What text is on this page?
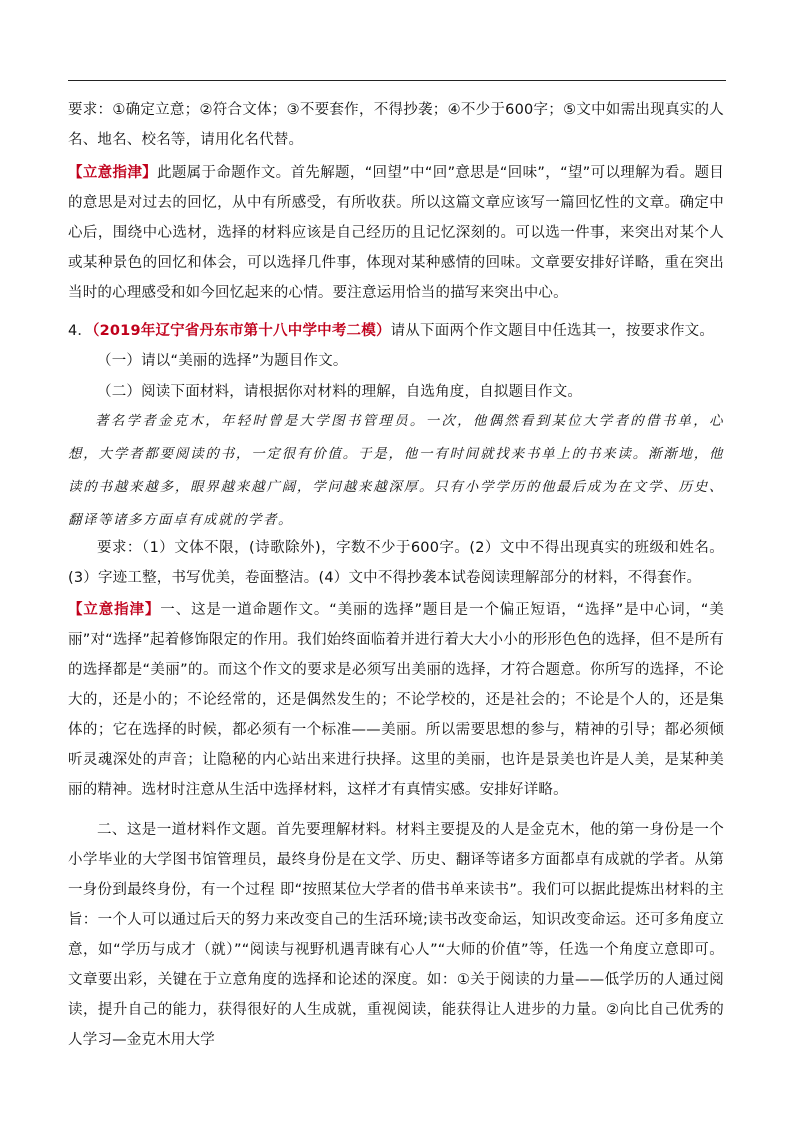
要求：①确定立意；②符合文体；③不要套作，不得抄袭；④不少于600字；⑤文中如需出现真实的人名、地名、校名等，请用化名代替。

【立意指津】此题属于命题作文。首先解题，“回望”中“回”意思是“回味”，“望”可以理解为看。题目的意思是对过去的回忆，从中有所感受，有所收获。所以这篇文章应该写一篇回忆性的文章。确定中心后，围绕中心选材，选择的材料应该是自己经历的且记忆深刻的。可以选一件事，来突出对某个人或某种景色的回忆和体会，可以选择几件事，体现对某种感情的回味。文章要安排好详略，重在突出当时的心理感受和如今回忆起来的心情。要注意运用恰当的描写来突出中心。

4．（2019年辽宁省丹东市第十八中学中考二模）请从下面两个作文题目中任选其一，按要求作文。

（一）请以“美丽的选择”为题目作文。

（二）阅读下面材料，请根据你对材料的理解，自选角度，自拟题目作文。

著名学者金克木，年轻时曾是大学图书管理员。一次，他偶然看到某位大学者的借书单，心想，大学者都要阅读的书，一定很有价值。于是，他一有时间就找来书单上的书来读。渐渐地，他读的书越来越多，眼界越来越广阔，学问越来越深厚。只有小学学历的他最后成为在文学、历史、翻译等诸多方面卓有成就的学者。

要求：（1）文体不限，(诗歌除外)，字数不少于600字。(2）文中不得出现真实的班级和姓名。(3）字迹工整，书写优美，卷面整洁。(4）文中不得抄袭本试卷阅读理解部分的材料，不得套作。

【立意指津】一、这是一道命题作文。“美丽的选择”题目是一个偏正短语，“选择”是中心词，“美丽”对“选择”起着修饰限定的作用。我们始终面临着并进行着大大小小的形形色色的选择，但不是所有的选择都是“美丽”的。而这个作文的要求是必须写出美丽的选择，才符合题意。你所写的选择，不论大的，还是小的；不论经常的，还是偶然发生的；不论学校的，还是社会的；不论是个人的，还是集体的；它在选择的时候，都必须有一个标准——美丽。所以需要思想的参与，精神的引导；都必须倾听灵魂深处的声音；让隐秘的内心站出来进行抉择。这里的美丽，也许是景美也许是人美，是某种美丽的精神。选材时注意从生活中选择材料，这样才有真情实感。安排好详略。

二、这是一道材料作文题。首先要理解材料。材料主要提及的人是金克木，他的第一身份是一个小学毕业的大学图书馆管理员，最终身份是在文学、历史、翻译等诸多方面都卓有成就的学者。从第一身份到最终身份，有一个过程 即“按照某位大学者的借书单来读书”。我们可以据此提炼出材料的主旨：一个人可以通过后天的努力来改变自己的生活环境;读书改变命运，知识改变命运。还可多角度立意，如“学历与成才（就）”“阅读与视野机遇青睐有心人”“大师的价值”等，任选一个角度立意即可。文章要出彩，关键在于立意角度的选择和论述的深度。如：①关于阅读的力量——低学历的人通过阅读，提升自己的能力，获得很好的人生成就，重视阅读，能获得让人进步的力量。②向比自己优秀的人学习—金克木用大学
